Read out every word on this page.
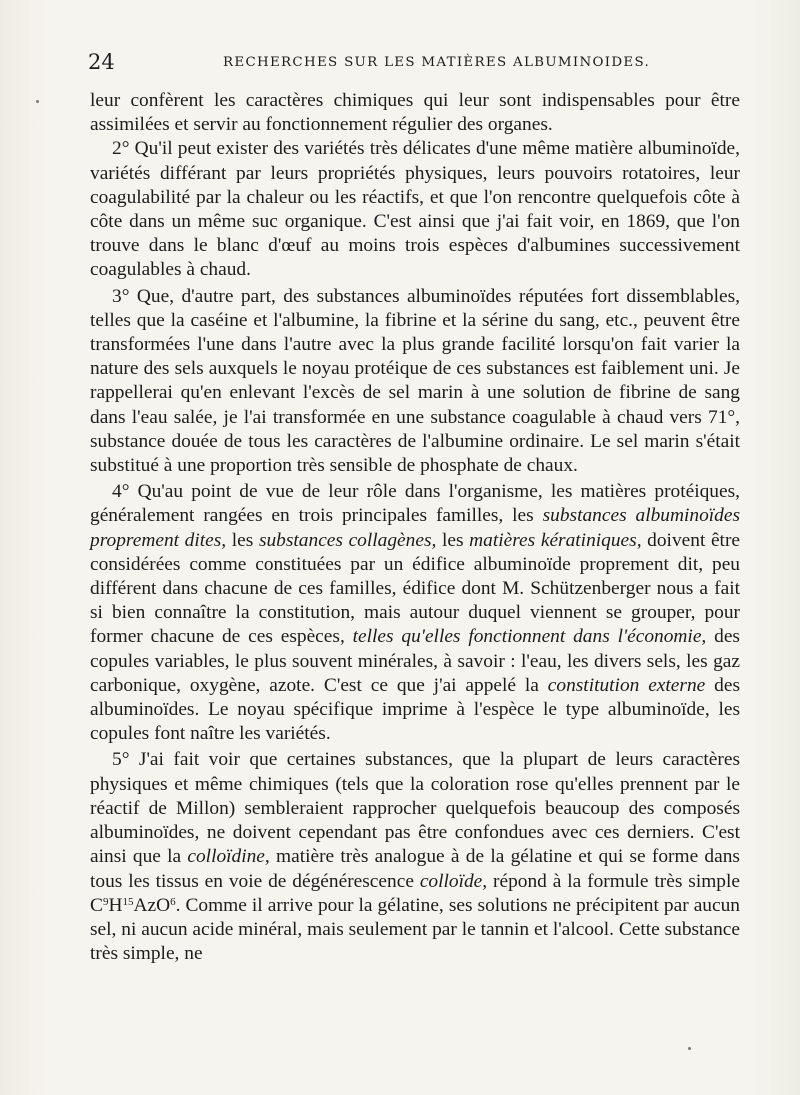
24	RECHERCHES SUR LES MATIÈRES ALBUMINOIDES.

leur confèrent les caractères chimiques qui leur sont indispensables pour être assimilées et servir au fonctionnement régulier des organes.

2° Qu'il peut exister des variétés très délicates d'une même matière albuminoïde, variétés différant par leurs propriétés physiques, leurs pouvoirs rotatoires, leur coagulabilité par la chaleur ou les réactifs, et que l'on rencontre quelquefois côte à côte dans un même suc organique. C'est ainsi que j'ai fait voir, en 1869, que l'on trouve dans le blanc d'œuf au moins trois espèces d'albumines successivement coagulables à chaud.

3° Que, d'autre part, des substances albuminoïdes réputées fort dissemblables, telles que la caséine et l'albumine, la fibrine et la sérine du sang, etc., peuvent être transformées l'une dans l'autre avec la plus grande facilité lorsqu'on fait varier la nature des sels auxquels le noyau protéique de ces substances est faiblement uni. Je rappellerai qu'en enlevant l'excès de sel marin à une solution de fibrine de sang dans l'eau salée, je l'ai transformée en une substance coagulable à chaud vers 71°, substance douée de tous les caractères de l'albumine ordinaire. Le sel marin s'était substitué à une proportion très sensible de phosphate de chaux.

4° Qu'au point de vue de leur rôle dans l'organisme, les matières protéiques, généralement rangées en trois principales familles, les substances albuminoïdes proprement dites, les substances collagènes, les matières kératiniques, doivent être considérées comme constituées par un édifice albuminoïde proprement dit, peu différent dans chacune de ces familles, édifice dont M. Schützenberger nous a fait si bien connaître la constitution, mais autour duquel viennent se grouper, pour former chacune de ces espèces, telles qu'elles fonctionnent dans l'économie, des copules variables, le plus souvent minérales, à savoir : l'eau, les divers sels, les gaz carbonique, oxygène, azote. C'est ce que j'ai appelé la constitution externe des albuminoïdes. Le noyau spécifique imprime à l'espèce le type albuminoïde, les copules font naître les variétés.

5° J'ai fait voir que certaines substances, que la plupart de leurs caractères physiques et même chimiques (tels que la coloration rose qu'elles prennent par le réactif de Millon) sembleraient rapprocher quelquefois beaucoup des composés albuminoïdes, ne doivent cependant pas être confondues avec ces derniers. C'est ainsi que la colloïdine, matière très analogue à de la gélatine et qui se forme dans tous les tissus en voie de dégénérescence colloïde, répond à la formule très simple $C^9H^{15}AzO^6$. Comme il arrive pour la gélatine, ses solutions ne précipitent par aucun sel, ni aucun acide minéral, mais seulement par le tannin et l'alcool. Cette substance très simple, ne
